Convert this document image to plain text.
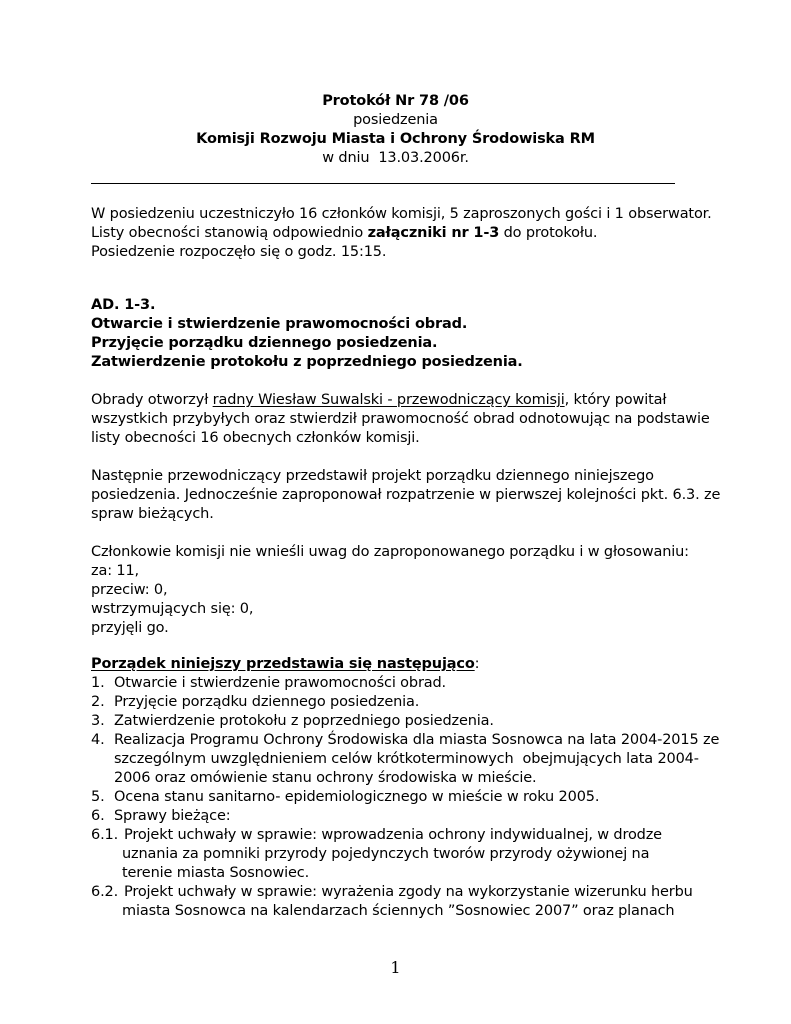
Protokół Nr 78 /06
posiedzenia
Komisji Rozwoju Miasta i Ochrony Środowiska RM
w dniu  13.03.2006r.
W posiedzeniu uczestniczyło 16 członków komisji, 5 zaproszonych gości i 1 obserwator.
Listy obecności stanowią odpowiednio załączniki nr 1-3 do protokołu.
Posiedzenie rozpoczęło się o godz. 15:15.
AD. 1-3.
Otwarcie i stwierdzenie prawomocności obrad.
Przyjęcie porządku dziennego posiedzenia.
Zatwierdzenie protokołu z poprzedniego posiedzenia.
Obrady otworzył radny Wiesław Suwalski - przewodniczący komisji, który powitał
wszystkich przybyłych oraz stwierdził prawomocność obrad odnotowując na podstawie
listy obecności 16 obecnych członków komisji.
Następnie przewodniczący przedstawił projekt porządku dziennego niniejszego
posiedzenia. Jednocześnie zaproponował rozpatrzenie w pierwszej kolejności pkt. 6.3. ze
spraw bieżących.
Członkowie komisji nie wnieśli uwag do zaproponowanego porządku i w głosowaniu:
za: 11,
przeciw: 0,
wstrzymujących się: 0,
przyjęli go.
Porządek niniejszy przedstawia się następująco:
1. Otwarcie i stwierdzenie prawomocności obrad.
2. Przyjęcie porządku dziennego posiedzenia.
3. Zatwierdzenie protokołu z poprzedniego posiedzenia.
4. Realizacja Programu Ochrony Środowiska dla miasta Sosnowca na lata 2004-2015 ze
szczególnym uwzględnieniem celów krótkoterminowych  obejmujących lata 2004-
2006 oraz omówienie stanu ochrony środowiska w mieście.
5. Ocena stanu sanitarno- epidemiologicznego w mieście w roku 2005.
6. Sprawy bieżące:
6.1. Projekt uchwały w sprawie: wprowadzenia ochrony indywidualnej, w drodze
uznania za pomniki przyrody pojedynczych tworów przyrody ożywionej na
terenie miasta Sosnowiec.
6.2. Projekt uchwały w sprawie: wyrażenia zgody na wykorzystanie wizerunku herbu
miasta Sosnowca na kalendarzach ściennych ”Sosnowiec 2007” oraz planach
1
